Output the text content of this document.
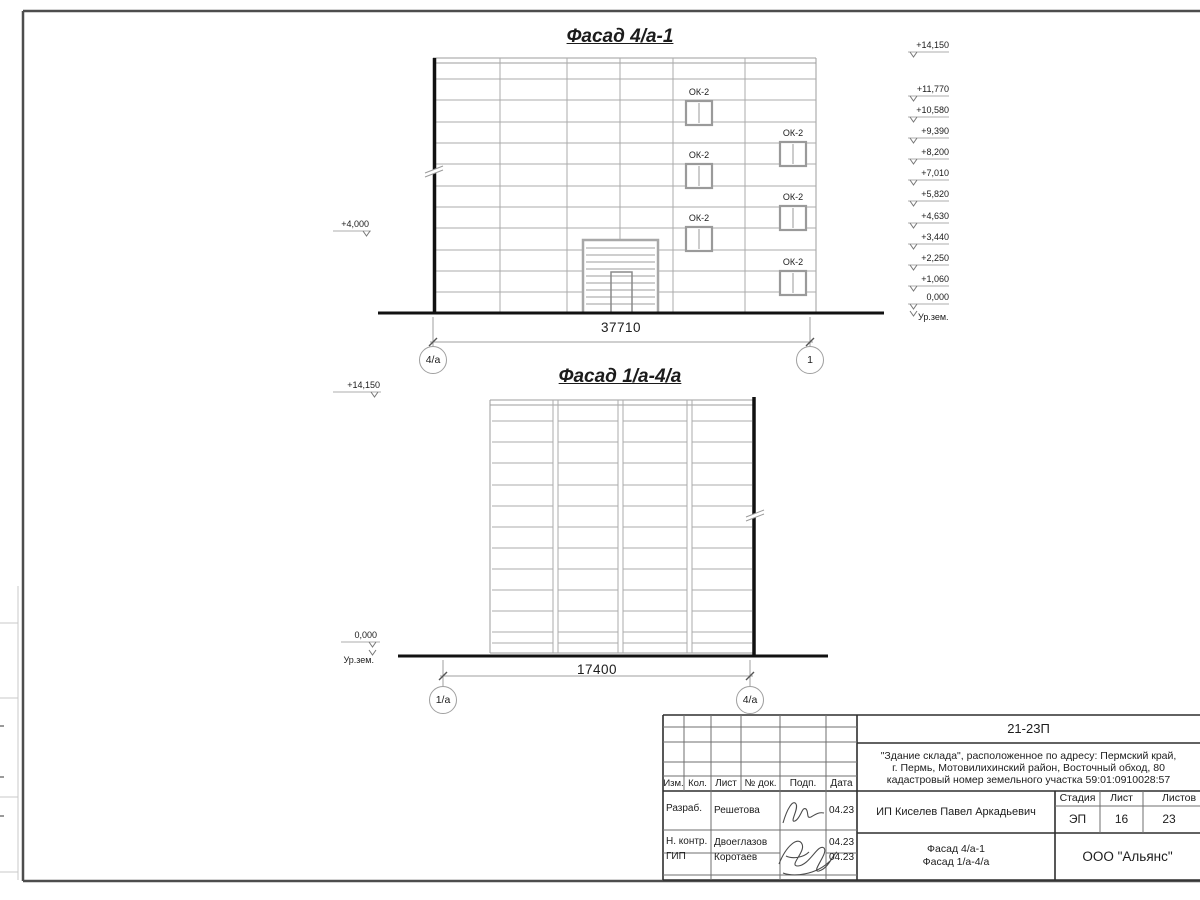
Фасад 4/а-1
Фасад 1/а-4/а
ОК-2
ОК-2
ОК-2
ОК-2
ОК-2
ОК-2
+14,150
+11,770
+10,580
+9,390
+8,200
+7,010
+5,820
+4,630
+3,440
+2,250
+1,060
0,000
Ур.зем.
+4,000
+14,150
0,000
Ур.зем.
37710
17400
4/а	1
1/а	4/а
21-23П
"Здание склада", расположенное по адресу: Пермский край,
г. Пермь, Мотовилихинский район, Восточный обход, 80
кадастровый номер земельного участка 59:01:0910028:57
ИП Киселев Павел Аркадьевич
Фасад 4/а-1
Фасад 1/а-4/а	ООО "Альянс"
Стадия	Лист	Листов
ЭП	16	23
Изм. Кол. Лист № док.	Подп.	Дата
Разраб. Решетова	04.23
Н. контр. Двоеглазов	04.23
ГИП	Коротаев	04.23
